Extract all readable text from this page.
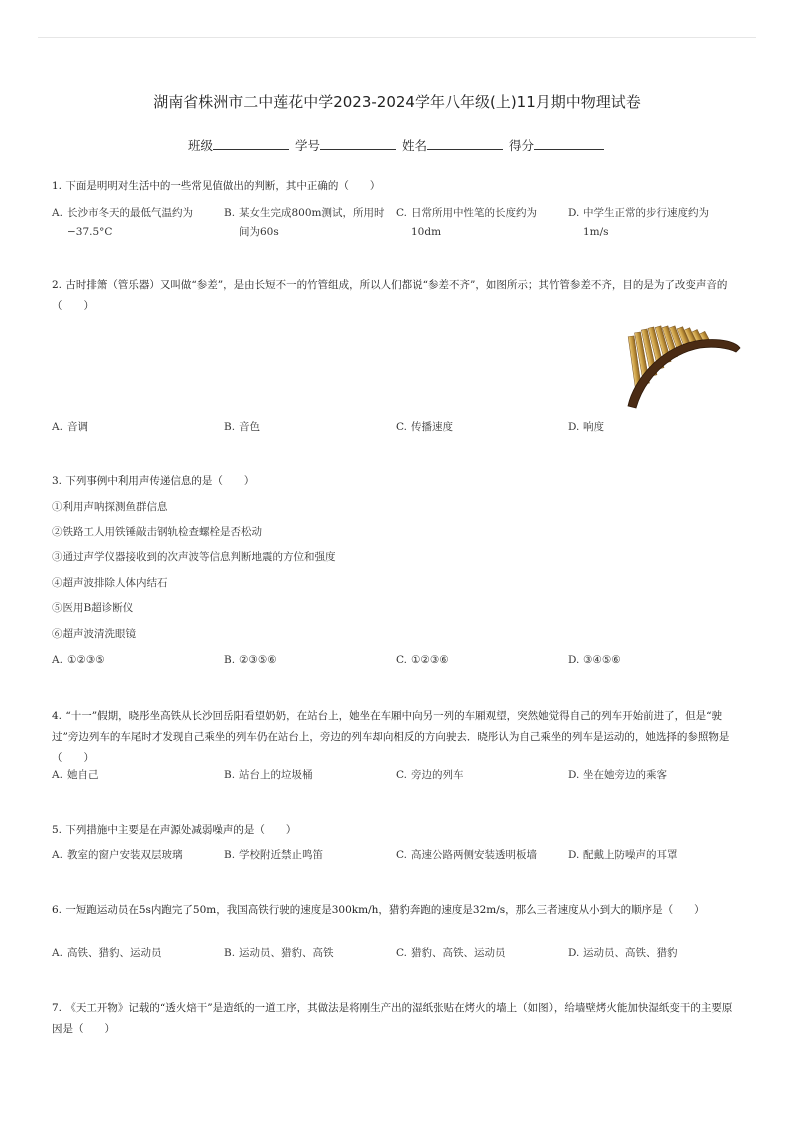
湖南省株洲市二中莲花中学2023-2024学年八年级(上)11月期中物理试卷
班级	学号	姓名	得分
1. 下面是明明对生活中的一些常见值做出的判断，其中正确的（　　）
A. 长沙市冬天的最低气温约为−37.5°C
B. 某女生完成800m测试，所用时间为60s
C. 日常所用中性笔的长度约为10dm
D. 中学生正常的步行速度约为1m/s
2. 古时排箫（管乐器）又叫做“参差”，是由长短不一的竹管组成，所以人们都说“参差不齐”，如图所示；其竹管参差不齐，目的是为了改变声音的（　　）
A. 音调	B. 音色	C. 传播速度	D. 响度
3. 下列事例中利用声传递信息的是（　　）
①利用声呐探测鱼群信息
②铁路工人用铁锤敲击钢轨检查螺栓是否松动
③通过声学仪器接收到的次声波等信息判断地震的方位和强度
④超声波排除人体内结石
⑤医用B超诊断仪
⑥超声波清洗眼镜
A. ①②③⑤	B. ②③⑤⑥	C. ①②③⑥	D. ③④⑤⑥
4. “十一”假期，晓彤坐高铁从长沙回岳阳看望奶奶，在站台上，她坐在车厢中向另一列的车厢观望，突然她觉得自己的列车开始前进了，但是“驶过”旁边列车的车尾时才发现自己乘坐的列车仍在站台上，旁边的列车却向相反的方向驶去．晓彤认为自己乘坐的列车是运动的，她选择的参照物是（　　）
A. 她自己	B. 站台上的垃圾桶	C. 旁边的列车	D. 坐在她旁边的乘客
5. 下列措施中主要是在声源处减弱噪声的是（　　）
A. 教室的窗户安装双层玻璃	B. 学校附近禁止鸣笛	C. 高速公路两侧安装透明板墙	D. 配戴上防噪声的耳罩
6. 一短跑运动员在5s内跑完了50m，我国高铁行驶的速度是300km/h，猎豹奔跑的速度是32m/s，那么三者速度从小到大的顺序是（　　）
A. 高铁、猎豹、运动员	B. 运动员、猎豹、高铁	C. 猎豹、高铁、运动员	D. 运动员、高铁、猎豹
7. 《天工开物》记载的“透火焙干”是造纸的一道工序，其做法是将刚生产出的湿纸张贴在烤火的墙上（如图），给墙壁烤火能加快湿纸变干的主要原因是（　　）
